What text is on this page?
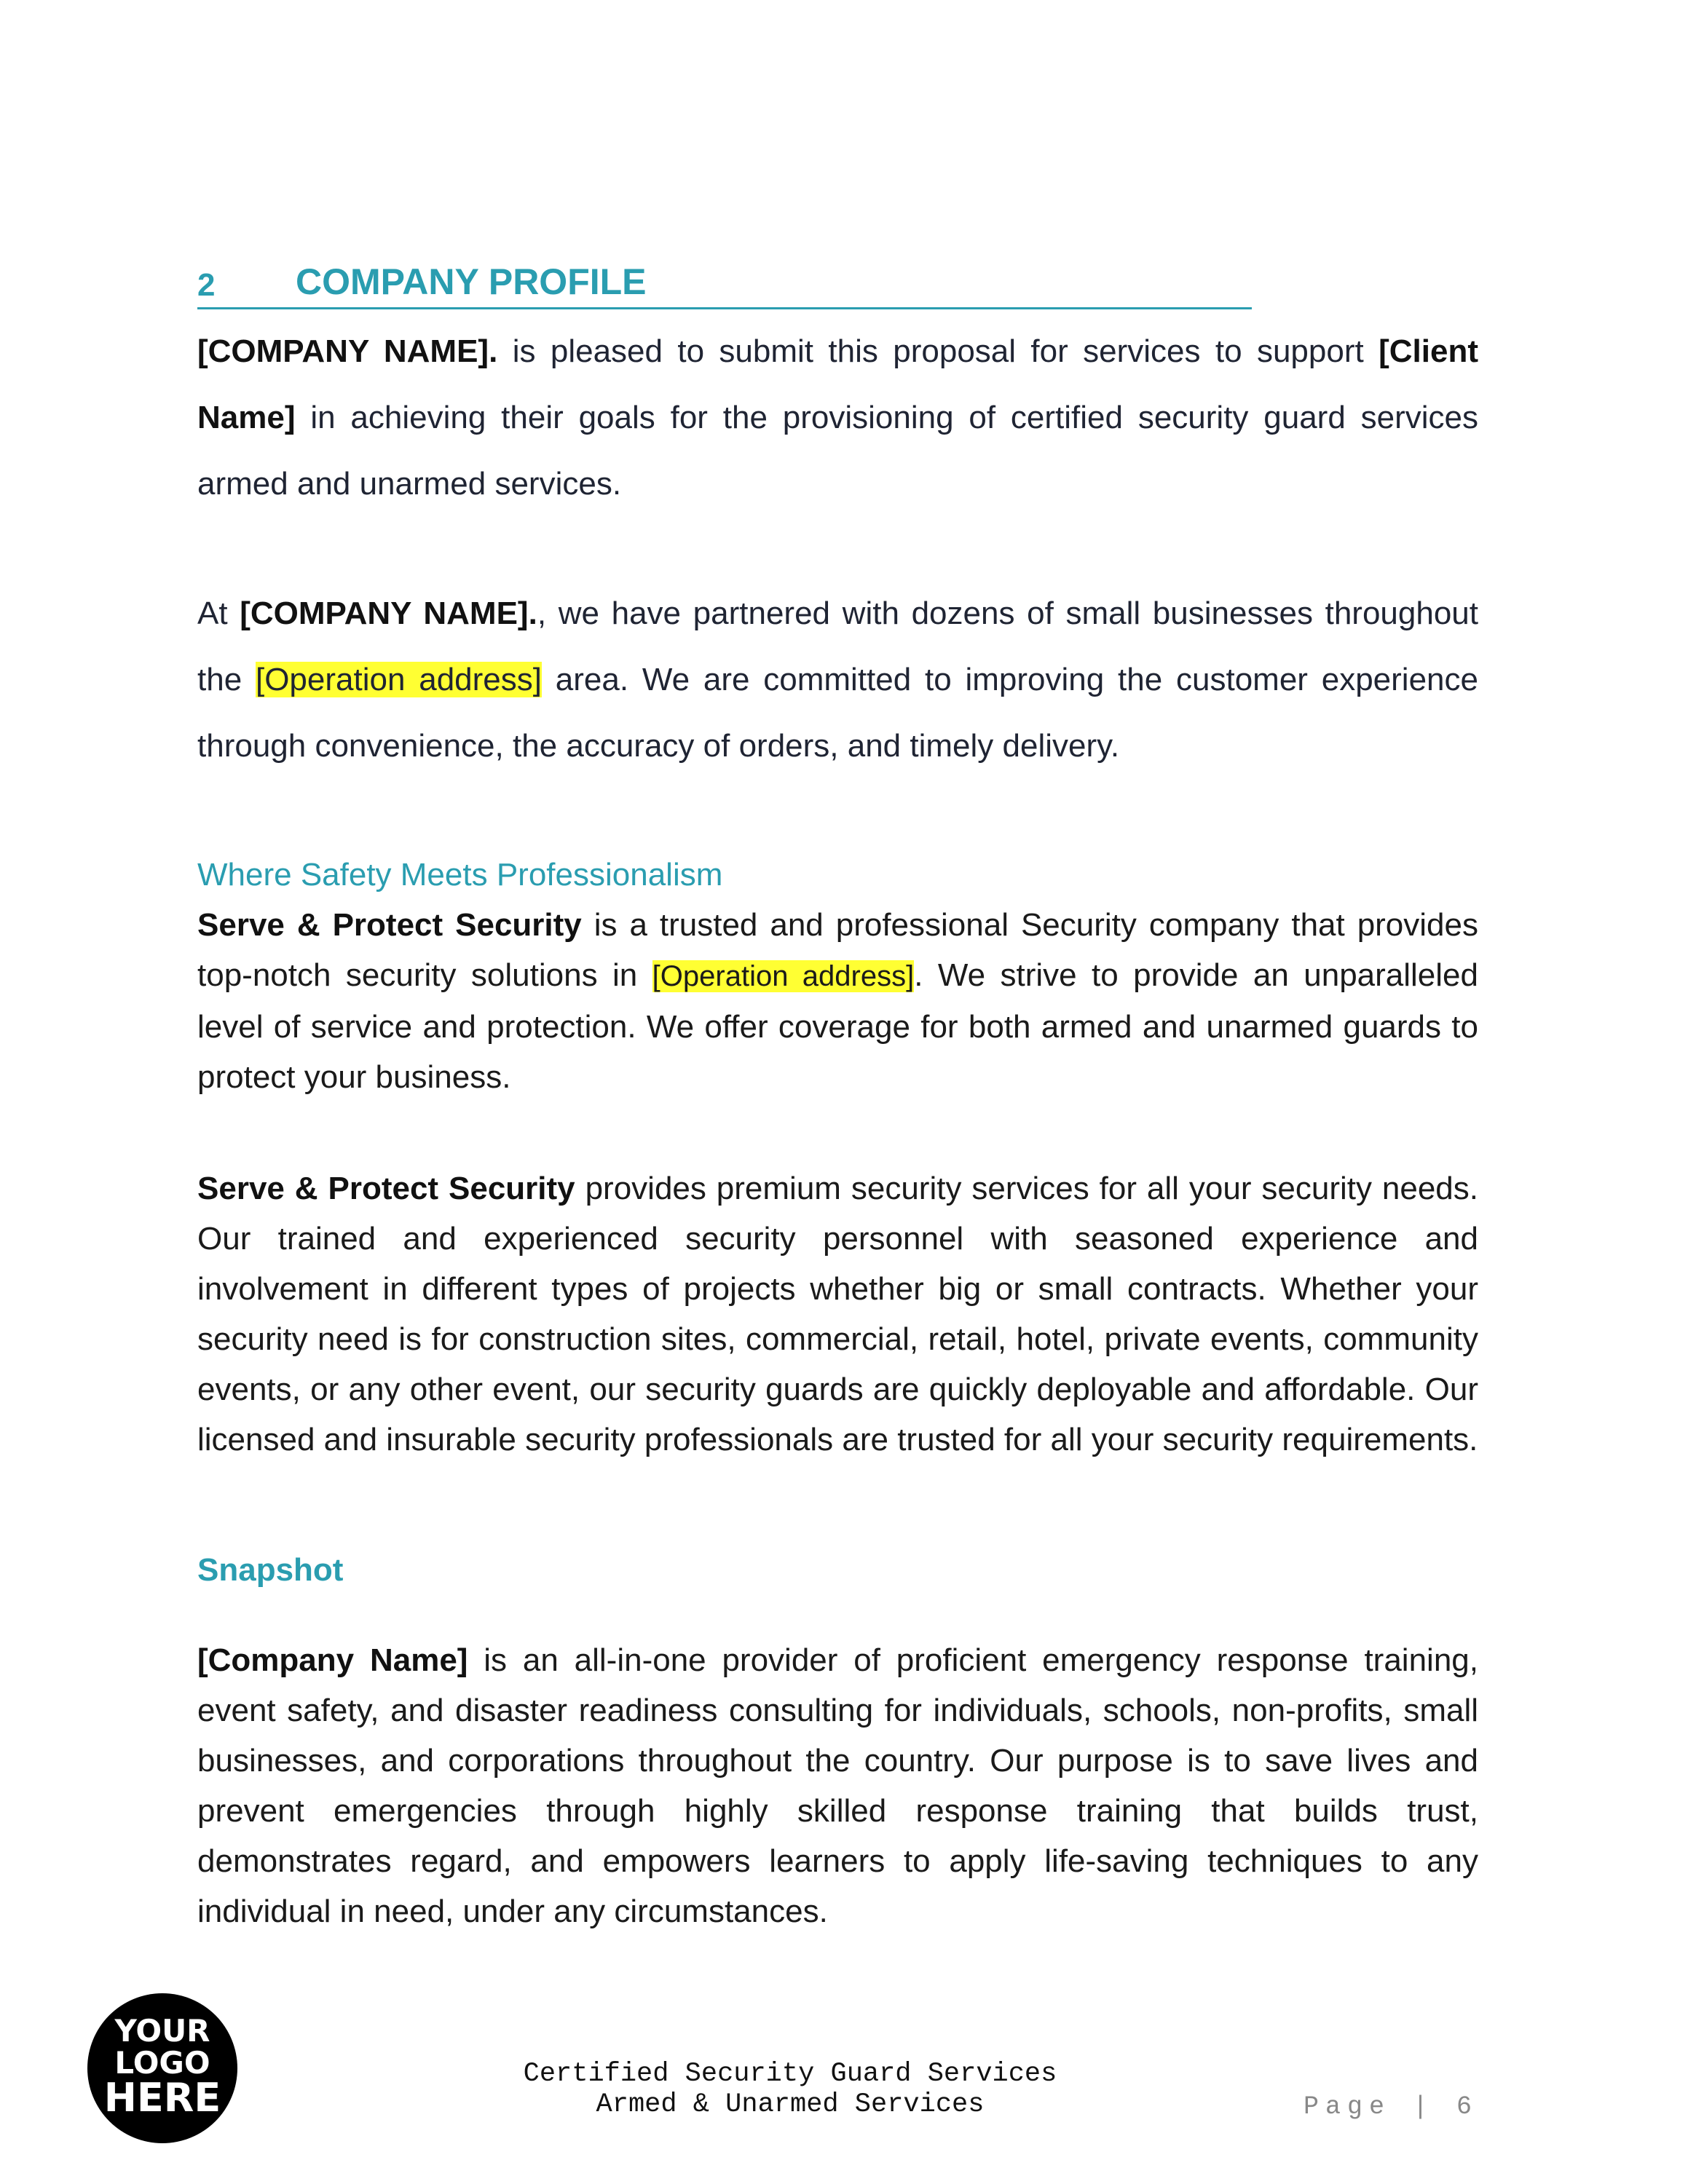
2 COMPANY PROFILE

[COMPANY NAME]. is pleased to submit this proposal for services to support [Client Name] in achieving their goals for the provisioning of certified security guard services armed and unarmed services.

At [COMPANY NAME]., we have partnered with dozens of small businesses throughout the [Operation address] area. We are committed to improving the customer experience through convenience, the accuracy of orders, and timely delivery.

Where Safety Meets Professionalism

Serve & Protect Security is a trusted and professional Security company that provides top-notch security solutions in [Operation address]. We strive to provide an unparalleled level of service and protection. We offer coverage for both armed and unarmed guards to protect your business.

Serve & Protect Security provides premium security services for all your security needs. Our trained and experienced security personnel with seasoned experience and involvement in different types of projects whether big or small contracts. Whether your security need is for construction sites, commercial, retail, hotel, private events, community events, or any other event, our security guards are quickly deployable and affordable. Our licensed and insurable security professionals are trusted for all your security requirements.

Snapshot

[Company Name] is an all-in-one provider of proficient emergency response training, event safety, and disaster readiness consulting for individuals, schools, non-profits, small businesses, and corporations throughout the country. Our purpose is to save lives and prevent emergencies through highly skilled response training that builds trust, demonstrates regard, and empowers learners to apply life-saving techniques to any individual in need, under any circumstances.

YOUR
LOGO
HERE
Certified Security Guard Services
Armed & Unarmed Services	Page | 6
